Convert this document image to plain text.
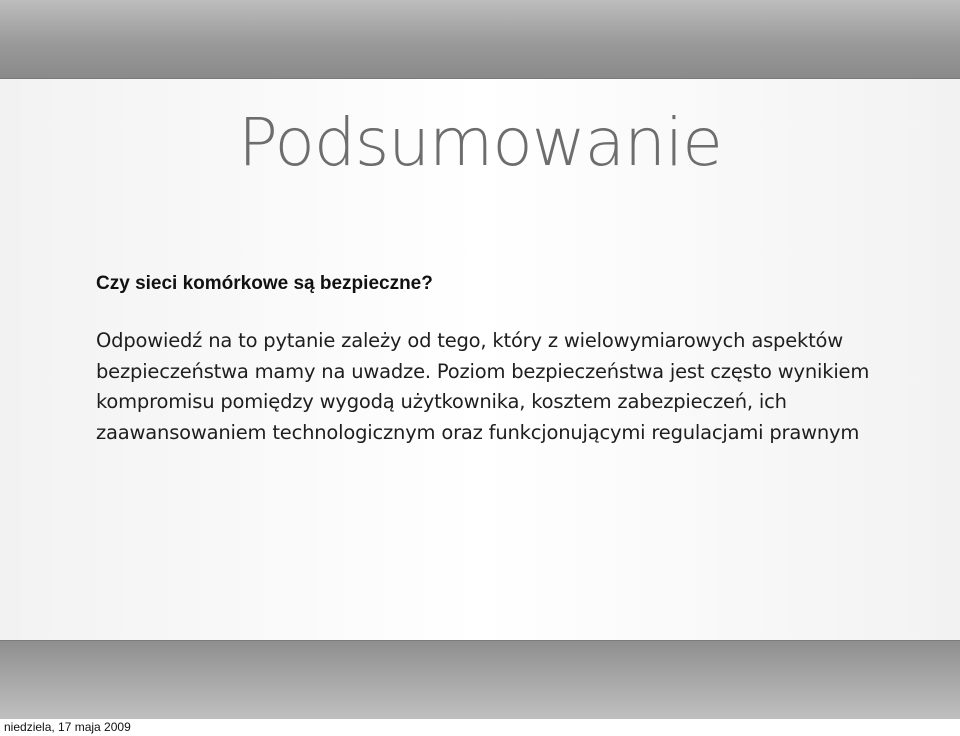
Podsumowanie

Czy sieci komórkowe są bezpieczne?

Odpowiedź na to pytanie zależy od tego, który z wielowymiarowych aspektów bezpieczeństwa mamy na uwadze. Poziom bezpieczeństwa jest często wynikiem kompromisu pomiędzy wygodą użytkownika, kosztem zabezpieczeń, ich zaawansowaniem technologicznym oraz funkcjonującymi regulacjami prawnym

niedziela, 17 maja 2009
